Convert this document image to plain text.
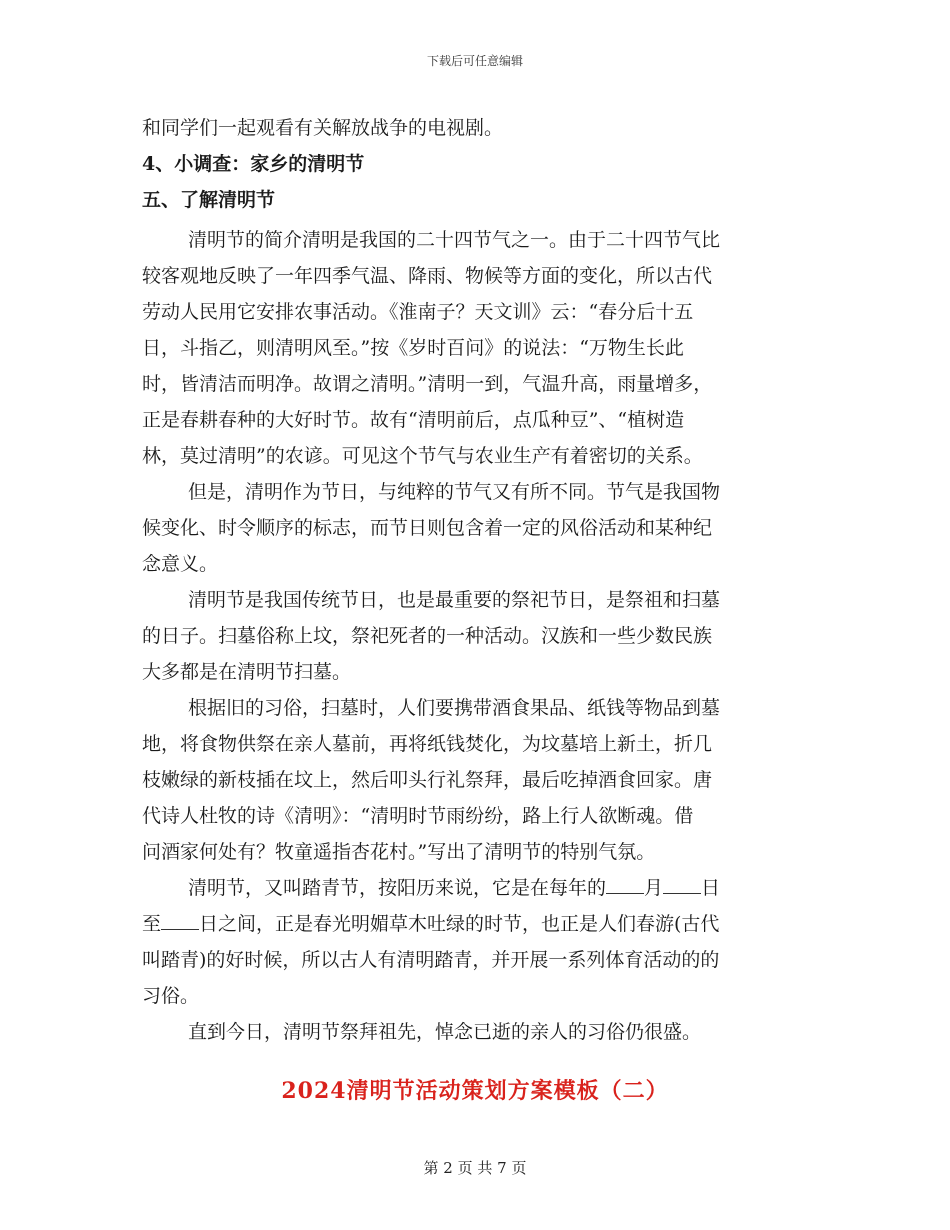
下载后可任意编辑
和同学们一起观看有关解放战争的电视剧。
4、小调查：家乡的清明节
五、了解清明节
清明节的简介清明是我国的二十四节气之一。由于二十四节气比
较客观地反映了一年四季气温、降雨、物候等方面的变化，所以古代
劳动人民用它安排农事活动。《淮南子？天文训》云：“春分后十五
日，斗指乙，则清明风至。”按《岁时百问》的说法：“万物生长此
时，皆清洁而明净。故谓之清明。”清明一到，气温升高，雨量增多，
正是春耕春种的大好时节。故有“清明前后，点瓜种豆”、“植树造
林，莫过清明”的农谚。可见这个节气与农业生产有着密切的关系。
但是，清明作为节日，与纯粹的节气又有所不同。节气是我国物
候变化、时令顺序的标志，而节日则包含着一定的风俗活动和某种纪
念意义。
清明节是我国传统节日，也是最重要的祭祀节日，是祭祖和扫墓
的日子。扫墓俗称上坟，祭祀死者的一种活动。汉族和一些少数民族
大多都是在清明节扫墓。
根据旧的习俗，扫墓时，人们要携带酒食果品、纸钱等物品到墓
地，将食物供祭在亲人墓前，再将纸钱焚化，为坟墓培上新土，折几
枝嫩绿的新枝插在坟上，然后叩头行礼祭拜，最后吃掉酒食回家。唐
代诗人杜牧的诗《清明》：“清明时节雨纷纷，路上行人欲断魂。借
问酒家何处有？牧童遥指杏花村。”写出了清明节的特别气氛。
清明节，又叫踏青节，按阳历来说，它是在每年的 月 日
至 日之间，正是春光明媚草木吐绿的时节，也正是人们春游(古代
叫踏青)的好时候，所以古人有清明踏青，并开展一系列体育活动的的
习俗。
直到今日，清明节祭拜祖先，悼念已逝的亲人的习俗仍很盛。
2024清明节活动策划方案模板（二）
第 2 页 共 7 页
